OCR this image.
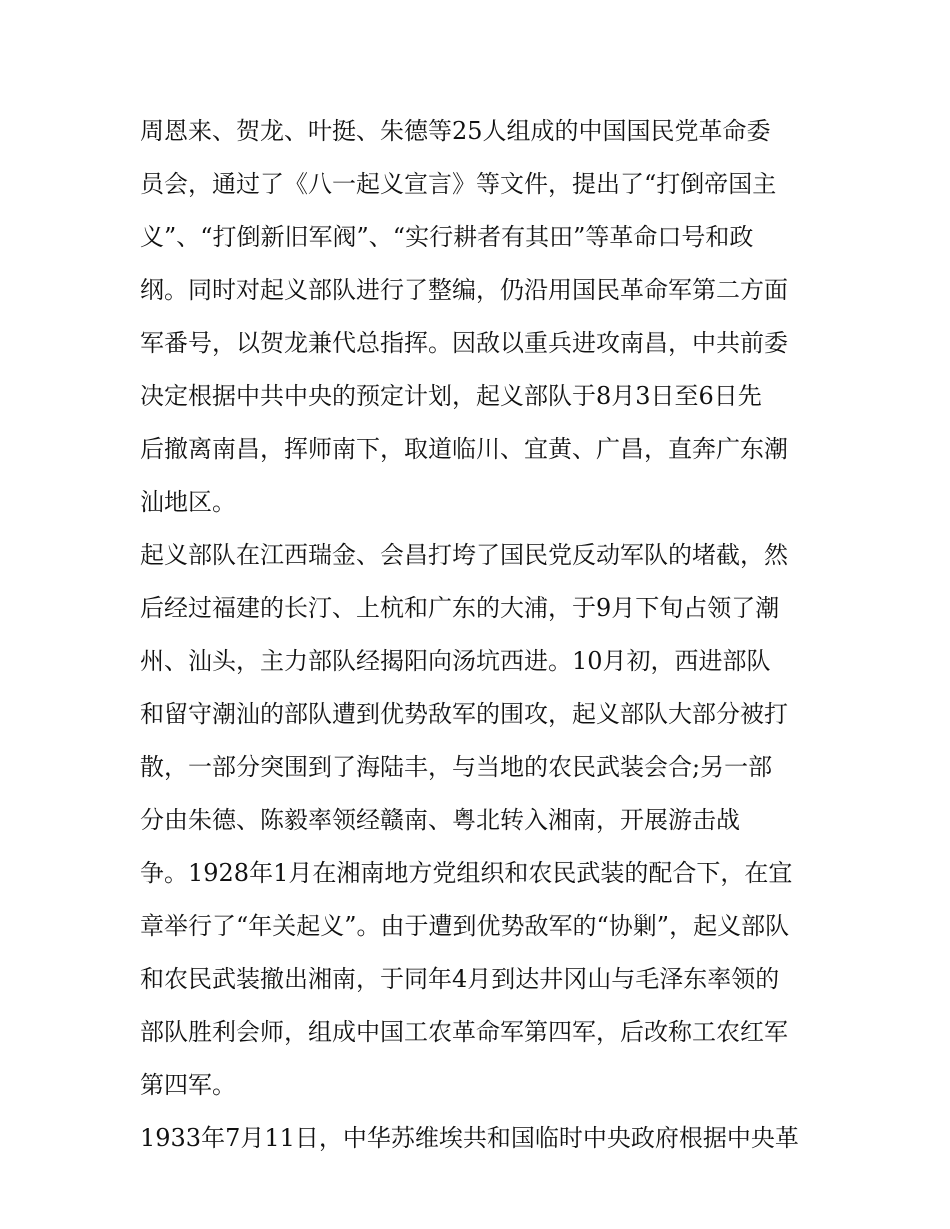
周恩来、贺龙、叶挺、朱德等25人组成的中国国民党革命委
员会，通过了《八一起义宣言》等文件，提出了“打倒帝国主
义”、“打倒新旧军阀”、“实行耕者有其田”等革命口号和政
纲。同时对起义部队进行了整编，仍沿用国民革命军第二方面
军番号，以贺龙兼代总指挥。因敌以重兵进攻南昌，中共前委
决定根据中共中央的预定计划，起义部队于8月3日至6日先
后撤离南昌，挥师南下，取道临川、宜黄、广昌，直奔广东潮
汕地区。
起义部队在江西瑞金、会昌打垮了国民党反动军队的堵截，然
后经过福建的长汀、上杭和广东的大浦，于9月下旬占领了潮
州、汕头，主力部队经揭阳向汤坑西进。10月初，西进部队
和留守潮汕的部队遭到优势敌军的围攻，起义部队大部分被打
散，一部分突围到了海陆丰，与当地的农民武装会合;另一部
分由朱德、陈毅率领经赣南、粤北转入湘南，开展游击战
争。1928年1月在湘南地方党组织和农民武装的配合下，在宜
章举行了“年关起义”。由于遭到优势敌军的“协剿”，起义部队
和农民武装撤出湘南，于同年4月到达井冈山与毛泽东率领的
部队胜利会师，组成中国工农革命军第四军，后改称工农红军
第四军。
1933年7月11日，中华苏维埃共和国临时中央政府根据中央革
